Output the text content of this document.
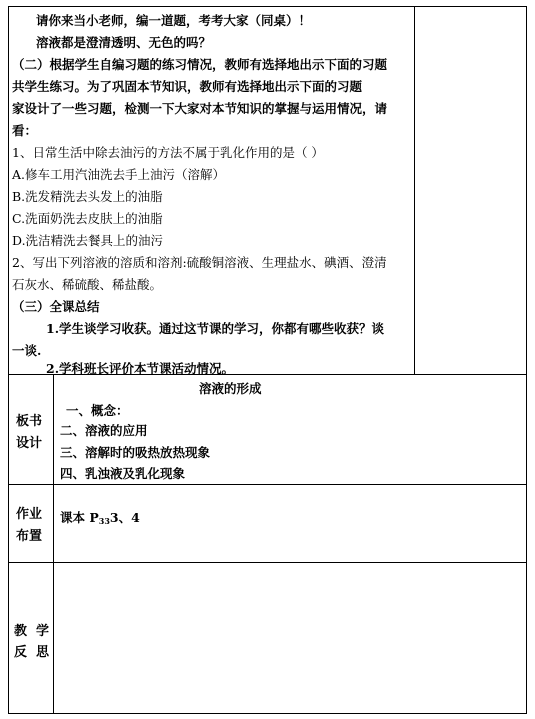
请你来当小老师，编一道题，考考大家（同桌）！
溶液都是澄清透明、无色的吗？
（二）根据学生自编习题的练习情况，教师有选择地出示下面的习题
共学生练习。为了巩固本节知识，教师有选择地出示下面的习题
家设计了一些习题，检测一下大家对本节知识的掌握与运用情况，请
看：
1、日常生活中除去油污的方法不属于乳化作用的是（ ）
A.修车工用汽油洗去手上油污（溶解）
B.洗发精洗去头发上的油脂
C.洗面奶洗去皮肤上的油脂
D.洗洁精洗去餐具上的油污
2、写出下列溶液的溶质和溶剂:硫酸铜溶液、生理盐水、碘酒、澄清
石灰水、稀硫酸、稀盐酸。
（三）全课总结
1.学生谈学习收获。通过这节课的学习，你都有哪些收获？谈
一谈.
2.学科班长评价本节课活动情况。
板书
设计
溶液的形成
一、概念：
二、溶液的应用
三、溶解时的吸热放热现象
四、乳浊液及乳化现象
作业
布置
课本 $P_{33}3$、4
教  学
反  思
